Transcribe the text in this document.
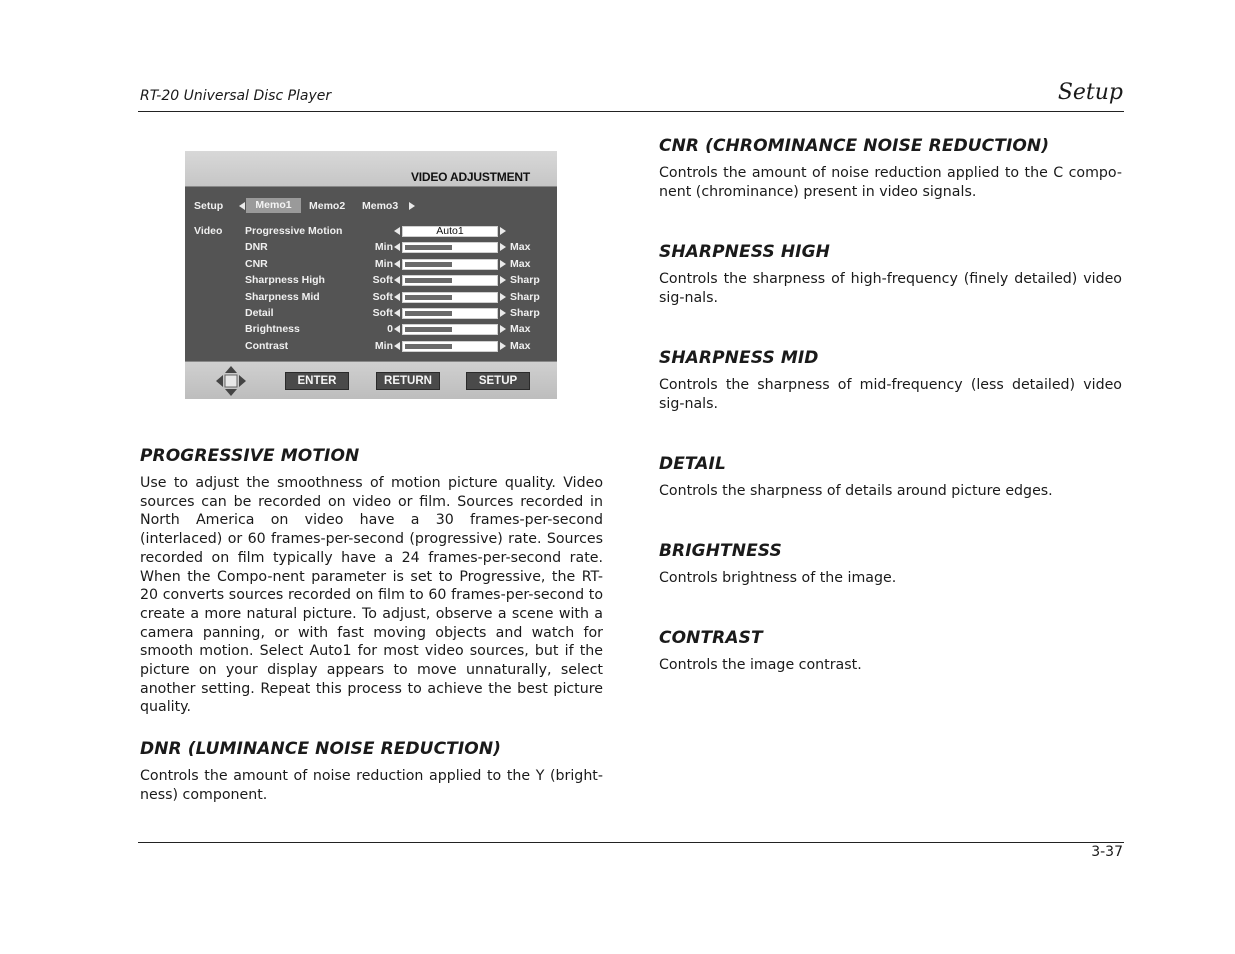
RT-20 Universal Disc Player	Setup
VIDEO ADJUSTMENT
Setup	Memo1	Memo2 Memo3
Video Progressive Motion	Auto1
DNR	Min	Max
CNR	Min	Max
Sharpness High	Soft	Sharp
Sharpness Mid	Soft	Sharp
Detail	Soft	Sharp
Brightness	0	Max
Contrast	Min	Max
ENTER	RETURN	SETUP
PROGRESSIVE MOTION

Use to adjust the smoothness of motion picture quality. Video sources can be recorded on video or film. Sources recorded in North America on video have a 30 frames-per-second (interlaced) or 60 frames-per-second (progressive) rate. Sources recorded on film typically have a 24 frames-per-second rate. When the Compo-nent parameter is set to Progressive, the RT-20 converts sources recorded on film to 60 frames-per-second to create a more natural picture. To adjust, observe a scene with a camera panning, or with fast moving objects and watch for smooth motion. Select Auto1 for most video sources, but if the picture on your display appears to move unnaturally, select another setting. Repeat this process to achieve the best picture quality.

DNR (LUMINANCE NOISE REDUCTION)

Controls the amount of noise reduction applied to the Y (bright-ness) component.

CNR (CHROMINANCE NOISE REDUCTION)

Controls the amount of noise reduction applied to the C compo-nent (chrominance) present in video signals.

SHARPNESS HIGH

Controls the sharpness of high-frequency (finely detailed) video sig-nals.

SHARPNESS MID

Controls the sharpness of mid-frequency (less detailed) video sig-nals.

DETAIL

Controls the sharpness of details around picture edges.

BRIGHTNESS

Controls brightness of the image.

CONTRAST

Controls the image contrast.

3-37
